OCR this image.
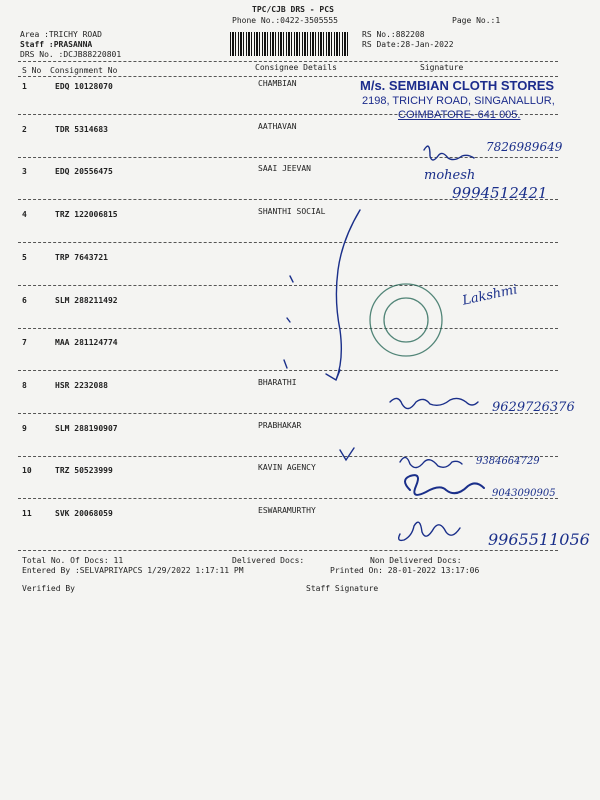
TPC/CJB DRS - PCS
Phone No.:0422-3505555	Page No.:1
Area :TRICHY ROAD
Staff :PRASANNA
DRS No. :DCJB88220801
RS No.:882208
RS Date:28-Jan-2022
S No Consignment No	Consignee Details	Signature
1	EDQ 10128070	CHAMBIAN
2	TDR 5314683	AATHAVAN
3	EDQ 20556475	SAAI JEEVAN
4	TRZ 122006815	SHANTHI SOCIAL
5	TRP 7643721
6	SLM 288211492
7	MAA 281124774
8	HSR 2232088	BHARATHI
9	SLM 288190907	PRABHAKAR
10	TRZ 50523999	KAVIN AGENCY
11	SVK 20068059	ESWARAMURTHY
M/s. SEMBIAN CLOTH STORES
2198, TRICHY ROAD, SINGANALLUR,
COIMBATORE- 641 005.
7826989649
mohesh
9994512421
Lakshmi
9629726376
9384664729
9043090905
9965511056
Total No. Of Docs: 11	Delivered Docs:	Non Delivered Docs:
Entered By :SELVAPRIYAPCS 1/29/2022 1:17:11 PM	Printed On: 28-01-2022 13:17:06
Verified By	Staff Signature
